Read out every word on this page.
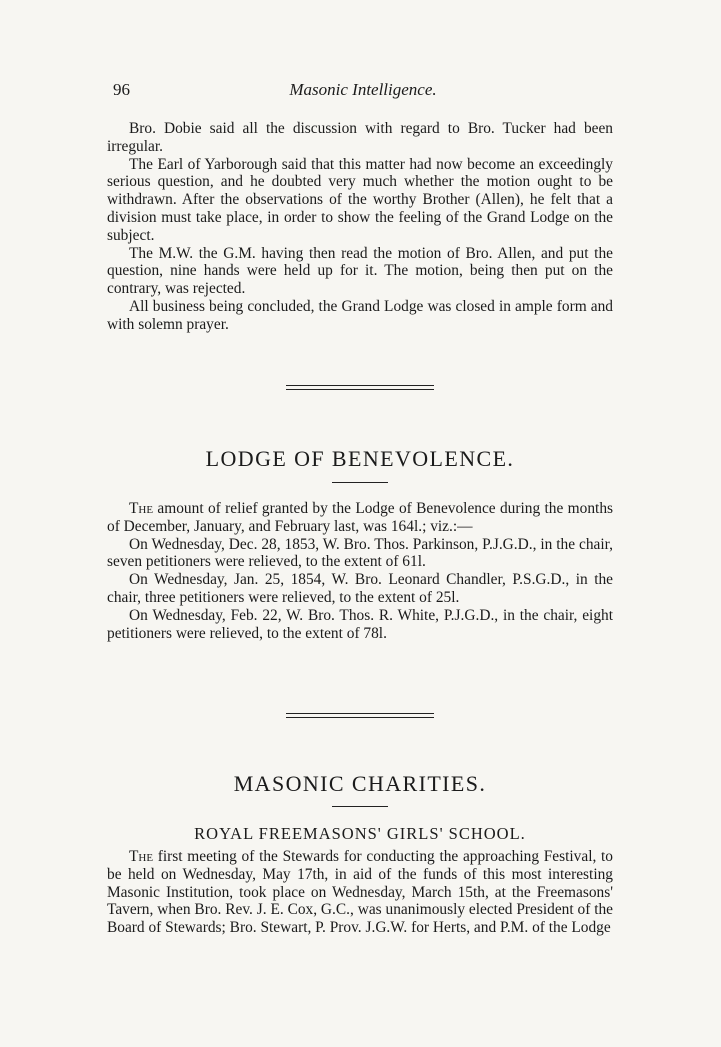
96	Masonic Intelligence.

Bro. Dobie said all the discussion with regard to Bro. Tucker had been irregular.

The Earl of Yarborough said that this matter had now become an exceedingly serious question, and he doubted very much whether the motion ought to be withdrawn. After the observations of the worthy Brother (Allen), he felt that a division must take place, in order to show the feeling of the Grand Lodge on the subject.

The M.W. the G.M. having then read the motion of Bro. Allen, and put the question, nine hands were held up for it. The motion, being then put on the contrary, was rejected.

All business being concluded, the Grand Lodge was closed in ample form and with solemn prayer.

LODGE OF BENEVOLENCE.

The amount of relief granted by the Lodge of Benevolence during the months of December, January, and February last, was 164l.; viz.:—

On Wednesday, Dec. 28, 1853, W. Bro. Thos. Parkinson, P.J.G.D., in the chair, seven petitioners were relieved, to the extent of 61l.

On Wednesday, Jan. 25, 1854, W. Bro. Leonard Chandler, P.S.G.D., in the chair, three petitioners were relieved, to the extent of 25l.

On Wednesday, Feb. 22, W. Bro. Thos. R. White, P.J.G.D., in the chair, eight petitioners were relieved, to the extent of 78l.

MASONIC CHARITIES.
ROYAL FREEMASONS' GIRLS' SCHOOL.

The first meeting of the Stewards for conducting the approaching Festival, to be held on Wednesday, May 17th, in aid of the funds of this most interesting Masonic Institution, took place on Wednesday, March 15th, at the Freemasons' Tavern, when Bro. Rev. J. E. Cox, G.C., was unanimously elected President of the Board of Stewards; Bro. Stewart, P. Prov. J.G.W. for Herts, and P.M. of the Lodge
